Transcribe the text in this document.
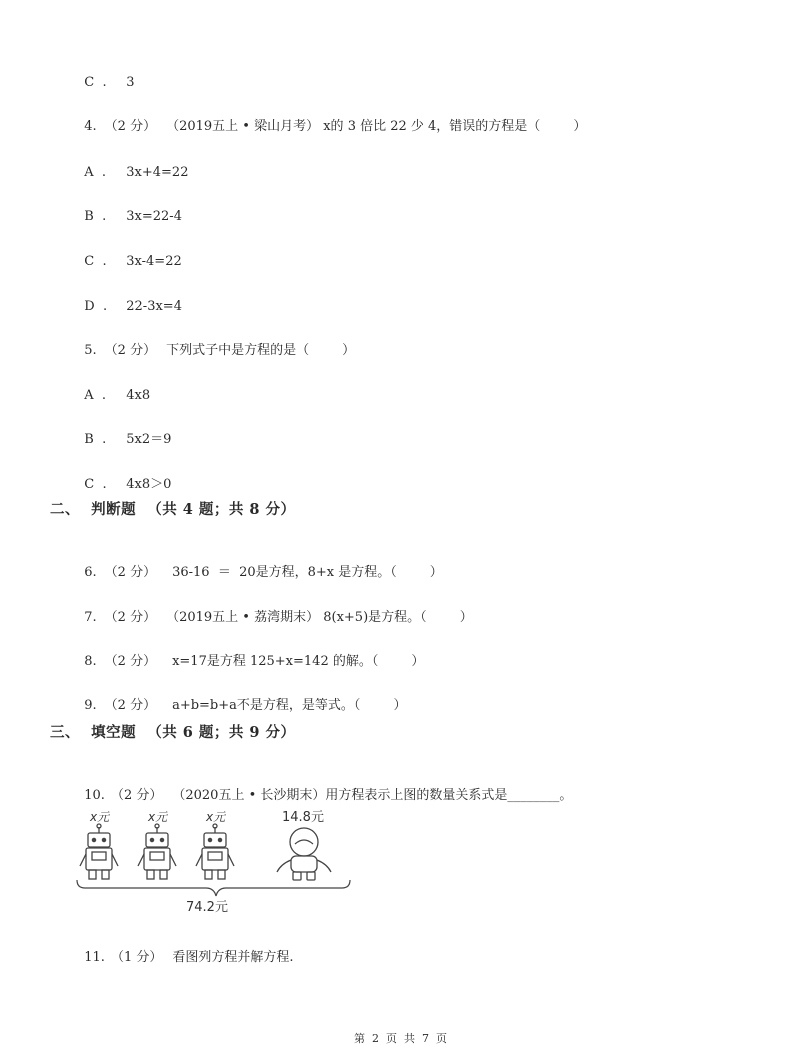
C  . 3

4. （2 分） （2019五上 • 梁山月考） x的 3 倍比 22 少 4，错误的方程是（        ）

A  . 3x+4=22

B  . 3x=22-4

C  . 3x-4=22

D  . 22-3x=4

5. （2 分） 下列式子中是方程的是（        ）

A  . 4x8

B  . 5x2＝9

C  . 4x8＞0

二、  判断题  （共 4 题；共 8 分）

6. （2 分） 36-16  ＝  20是方程，8+x 是方程。（        ）

7. （2 分） （2019五上 • 荔湾期末） 8(x+5)是方程。（        ）

8. （2 分） x=17是方程 125+x=142 的解。（        ）

9. （2 分） a+b=b+a不是方程，是等式。（        ）

三、  填空题  （共 6 题；共 9 分）

10. （2 分） （2020五上 • 长沙期末）用方程表示上图的数量关系式是________。

x元	x元	x元	14.8元
74.2元

11. （1 分） 看图列方程并解方程.

第  2  页  共  7  页
